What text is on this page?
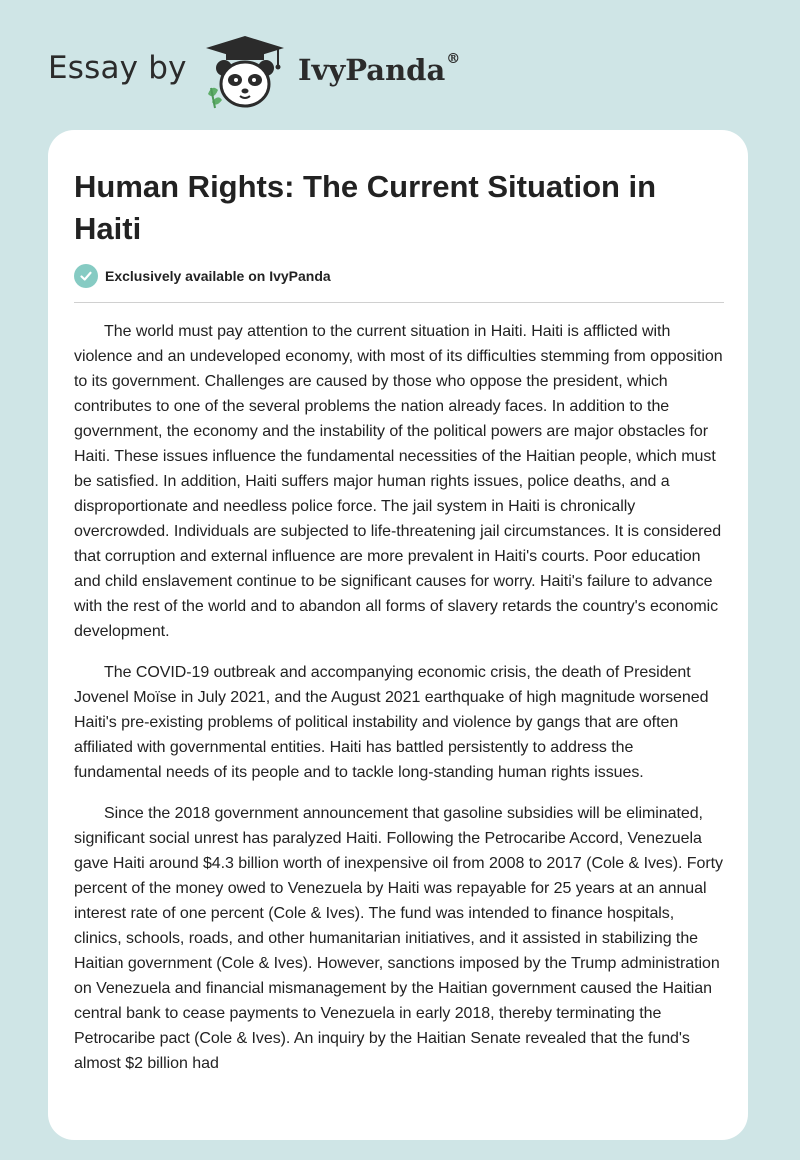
Essay by	IvyPanda®
Human Rights: The Current Situation in Haiti
Exclusively available on IvyPanda

The world must pay attention to the current situation in Haiti. Haiti is afflicted with violence and an undeveloped economy, with most of its difficulties stemming from opposition to its government. Challenges are caused by those who oppose the president, which contributes to one of the several problems the nation already faces. In addition to the government, the economy and the instability of the political powers are major obstacles for Haiti. These issues influence the fundamental necessities of the Haitian people, which must be satisfied. In addition, Haiti suffers major human rights issues, police deaths, and a disproportionate and needless police force. The jail system in Haiti is chronically overcrowded. Individuals are subjected to life-threatening jail circumstances. It is considered that corruption and external influence are more prevalent in Haiti's courts. Poor education and child enslavement continue to be significant causes for worry. Haiti's failure to advance with the rest of the world and to abandon all forms of slavery retards the country's economic development.

The COVID-19 outbreak and accompanying economic crisis, the death of President Jovenel Moïse in July 2021, and the August 2021 earthquake of high magnitude worsened Haiti's pre-existing problems of political instability and violence by gangs that are often affiliated with governmental entities. Haiti has battled persistently to address the fundamental needs of its people and to tackle long-standing human rights issues.

Since the 2018 government announcement that gasoline subsidies will be eliminated, significant social unrest has paralyzed Haiti. Following the Petrocaribe Accord, Venezuela gave Haiti around $4.3 billion worth of inexpensive oil from 2008 to 2017 (Cole & Ives). Forty percent of the money owed to Venezuela by Haiti was repayable for 25 years at an annual interest rate of one percent (Cole & Ives). The fund was intended to finance hospitals, clinics, schools, roads, and other humanitarian initiatives, and it assisted in stabilizing the Haitian government (Cole & Ives). However, sanctions imposed by the Trump administration on Venezuela and financial mismanagement by the Haitian government caused the Haitian central bank to cease payments to Venezuela in early 2018, thereby terminating the Petrocaribe pact (Cole & Ives). An inquiry by the Haitian Senate revealed that the fund's almost $2 billion had
